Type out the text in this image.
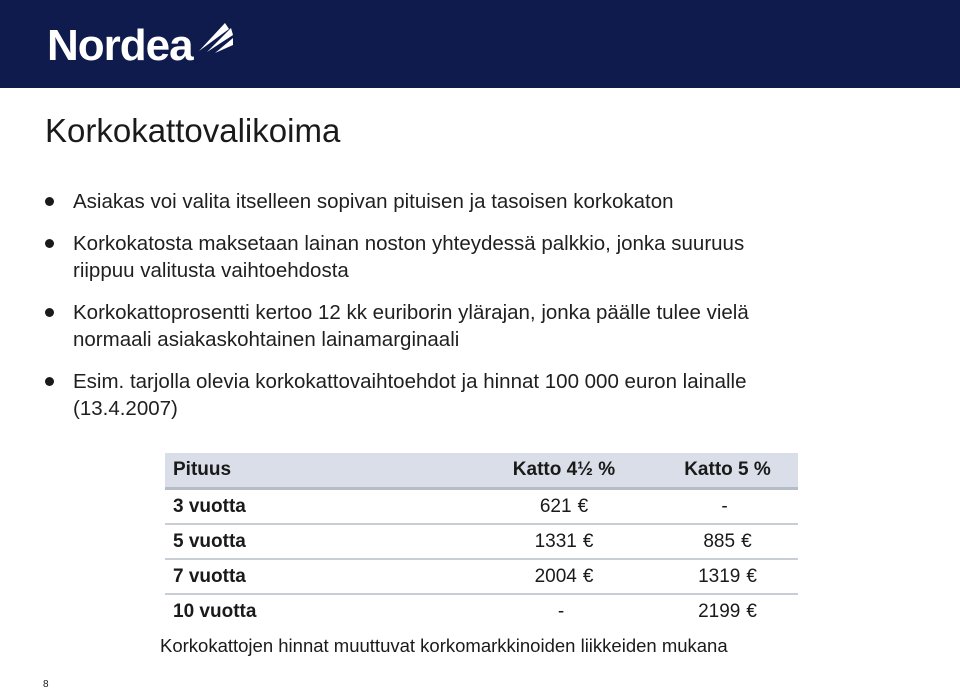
Nordea
Korkokattovalikoima
Asiakas voi valita itselleen sopivan pituisen ja tasoisen korkokaton
Korkokatosta maksetaan lainan noston yhteydessä palkkio, jonka suuruus
riippuu valitusta vaihtoehdosta
Korkokattoprosentti kertoo 12 kk euriborin ylärajan, jonka päälle tulee vielä
normaali asiakaskohtainen lainamarginaali
Esim. tarjolla olevia korkokattovaihtoehdot ja hinnat 100 000 euron lainalle
(13.4.2007)
Pituus	Katto 4½ %	Katto 5 %
3 vuotta	621 €	-
5 vuotta	1331 €	885 €
7 vuotta	2004 €	1319 €
10 vuotta	-	2199 €
Korkokattojen hinnat muuttuvat korkomarkkinoiden liikkeiden mukana
8
